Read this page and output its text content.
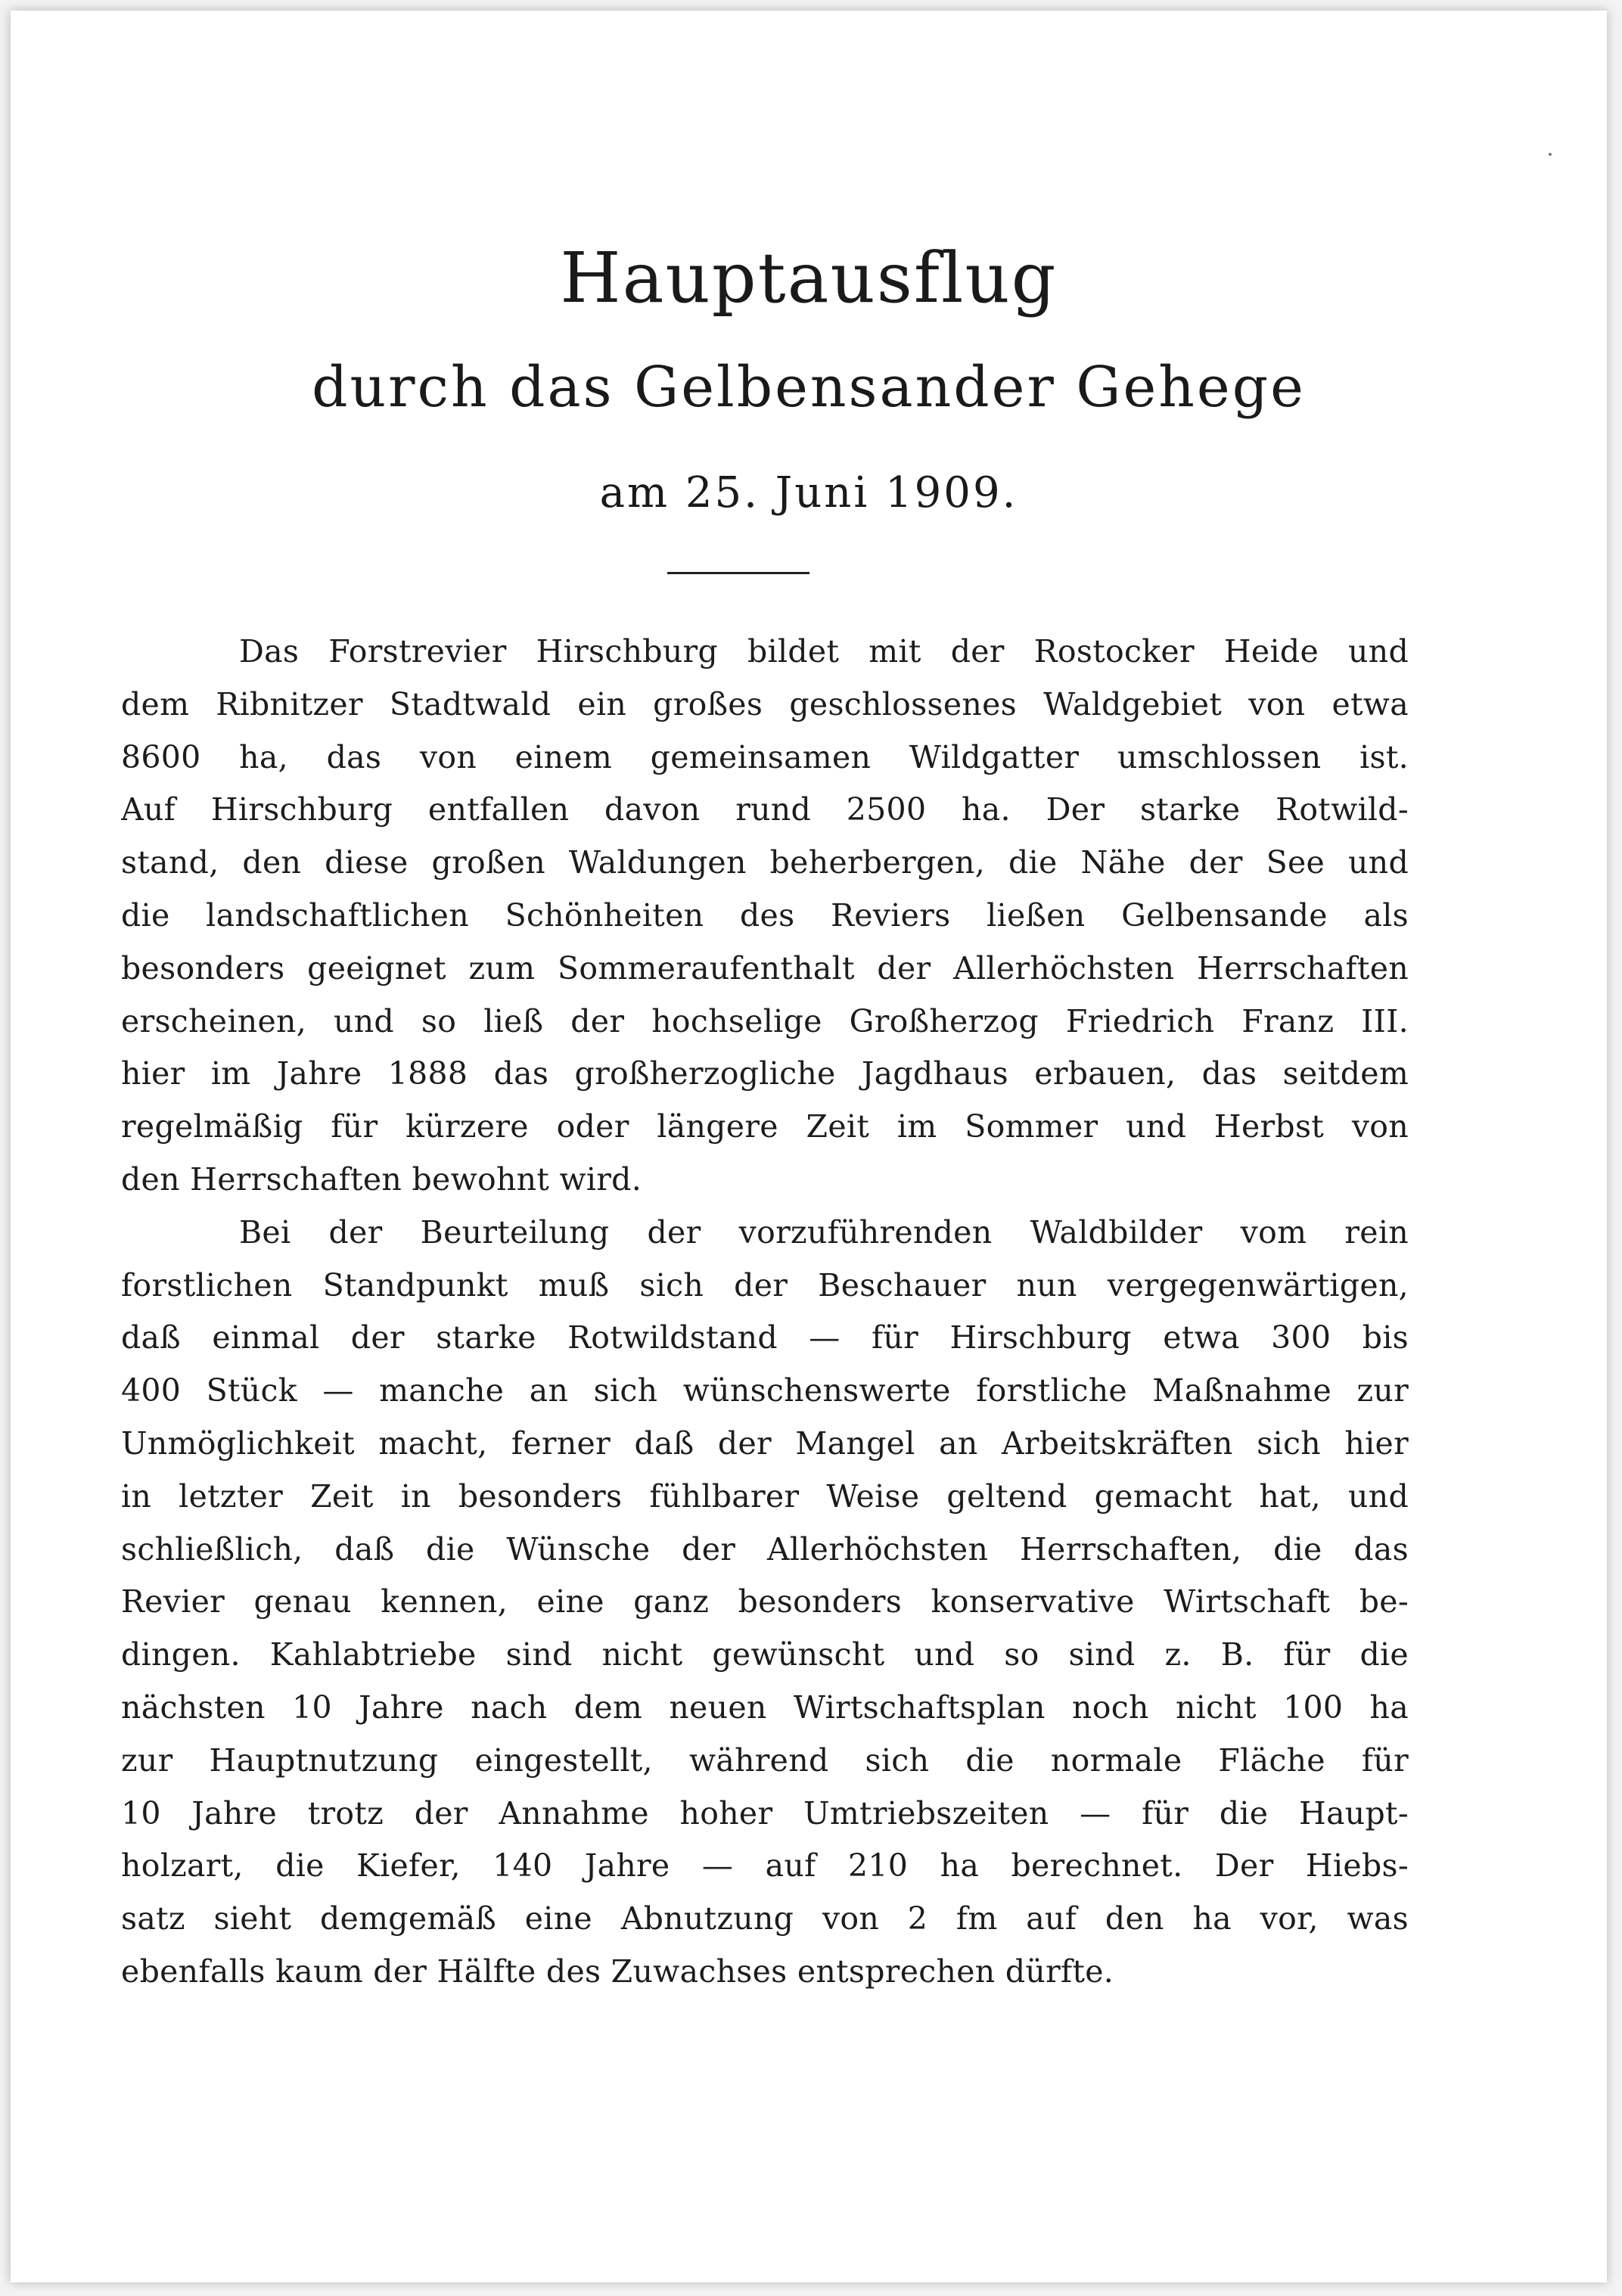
Hauptausflug
durch das Gelbensander Gehege
am 25. Juni 1909.
Das Forstrevier Hirschburg bildet mit der Rostocker Heide und
dem Ribnitzer Stadtwald ein großes geschlossenes Waldgebiet von etwa
8600 ha, das von einem gemeinsamen Wildgatter umschlossen ist.
Auf Hirschburg entfallen davon rund 2500 ha. Der starke Rotwild-
stand, den diese großen Waldungen beherbergen, die Nähe der See und
die landschaftlichen Schönheiten des Reviers ließen Gelbensande als
besonders geeignet zum Sommeraufenthalt der Allerhöchsten Herrschaften
erscheinen, und so ließ der hochselige Großherzog Friedrich Franz III.
hier im Jahre 1888 das großherzogliche Jagdhaus erbauen, das seitdem
regelmäßig für kürzere oder längere Zeit im Sommer und Herbst von
den Herrschaften bewohnt wird.
Bei der Beurteilung der vorzuführenden Waldbilder vom rein
forstlichen Standpunkt muß sich der Beschauer nun vergegenwärtigen,
daß einmal der starke Rotwildstand — für Hirschburg etwa 300 bis
400 Stück — manche an sich wünschenswerte forstliche Maßnahme zur
Unmöglichkeit macht, ferner daß der Mangel an Arbeitskräften sich hier
in letzter Zeit in besonders fühlbarer Weise geltend gemacht hat, und
schließlich, daß die Wünsche der Allerhöchsten Herrschaften, die das
Revier genau kennen, eine ganz besonders konservative Wirtschaft be-
dingen. Kahlabtriebe sind nicht gewünscht und so sind z. B. für die
nächsten 10 Jahre nach dem neuen Wirtschaftsplan noch nicht 100 ha
zur Hauptnutzung eingestellt, während sich die normale Fläche für
10 Jahre trotz der Annahme hoher Umtriebszeiten — für die Haupt-
holzart, die Kiefer, 140 Jahre — auf 210 ha berechnet. Der Hiebs-
satz sieht demgemäß eine Abnutzung von 2 fm auf den ha vor, was
ebenfalls kaum der Hälfte des Zuwachses entsprechen dürfte.
